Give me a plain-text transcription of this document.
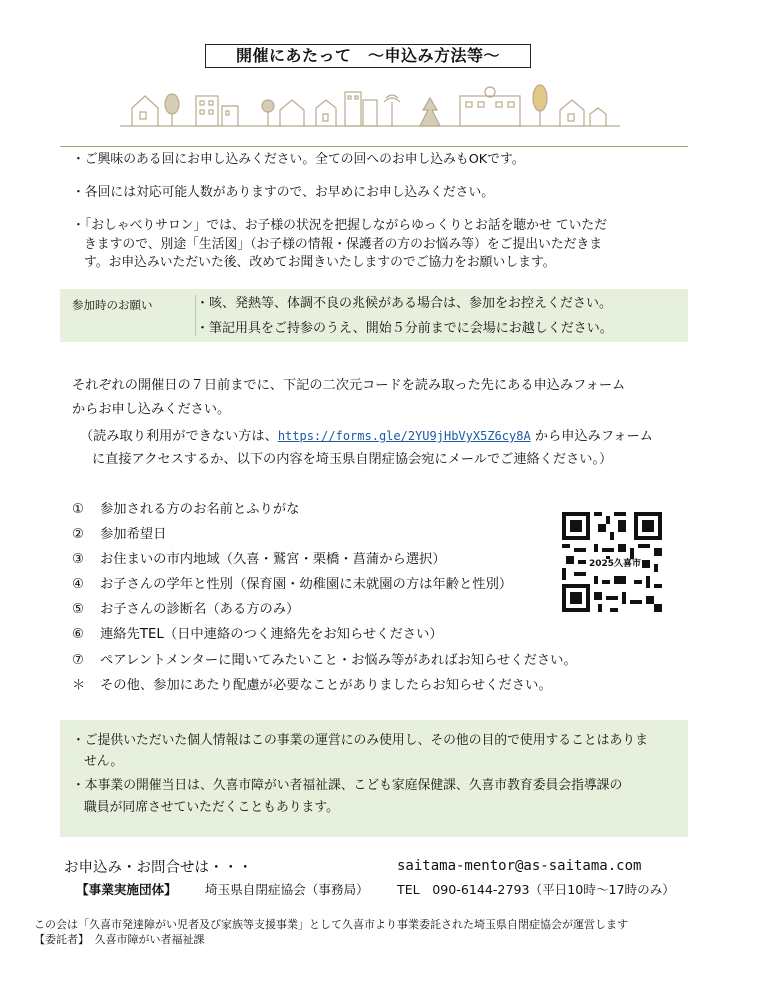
開催にあたって　～申込み方法等～
・ご興味のある回にお申し込みください。全ての回へのお申し込みもOKです。
・各回には対応可能人数がありますので、お早めにお申し込みください。
・「おしゃべりサロン」では、お子様の状況を把握しながらゆっくりとお話を聴かせ ていただ
きますので、別途「生活図」（お子様の情報・保護者の方のお悩み等）をご提出いただきま
す。お申込みいただいた後、改めてお聞きいたしますのでご協力をお願いします。
参加時のお願い	・咳、発熱等、体調不良の兆候がある場合は、参加をお控えください。
・筆記用具をご持参のうえ、開始５分前までに会場にお越しください。
それぞれの開催日の７日前までに、下記の二次元コードを読み取った先にある申込みフォーム
からお申し込みください。
（読み取り利用ができない方は、https://forms.gle/2YU9jHbVyX5Z6cy8A から申込みフォーム
に直接アクセスするか、以下の内容を埼玉県自閉症協会宛にメールでご連絡ください。）
① 参加される方のお名前とふりがな
② 参加希望日
③ お住まいの市内地域（久喜・鷲宮・栗橋・菖蒲から選択）
④ お子さんの学年と性別（保育園・幼稚園に未就園の方は年齢と性別）
⑤ お子さんの診断名（ある方のみ）
⑥ 連絡先TEL（日中連絡のつく連絡先をお知らせください）
⑦ ペアレントメンターに聞いてみたいこと・お悩み等があればお知らせください。
＊ その他、参加にあたり配慮が必要なことがありましたらお知らせください。
2025久喜市
・ご提供いただいた個人情報はこの事業の運営にのみ使用し、その他の目的で使用することはありま
せん。
・本事業の開催当日は、久喜市障がい者福祉課、こども家庭保健課、久喜市教育委員会指導課の
職員が同席させていただくこともあります。
お申込み・お問合せは・・・	saitama-mentor@as-saitama.com
【事業実施団体】 埼玉県自閉症協会（事務局） TEL　090-6144-2793（平日10時～17時のみ）
この会は「久喜市発達障がい児者及び家族等支援事業」として久喜市より事業委託された埼玉県自閉症協会が運営します
【委託者】　久喜市障がい者福祉課
